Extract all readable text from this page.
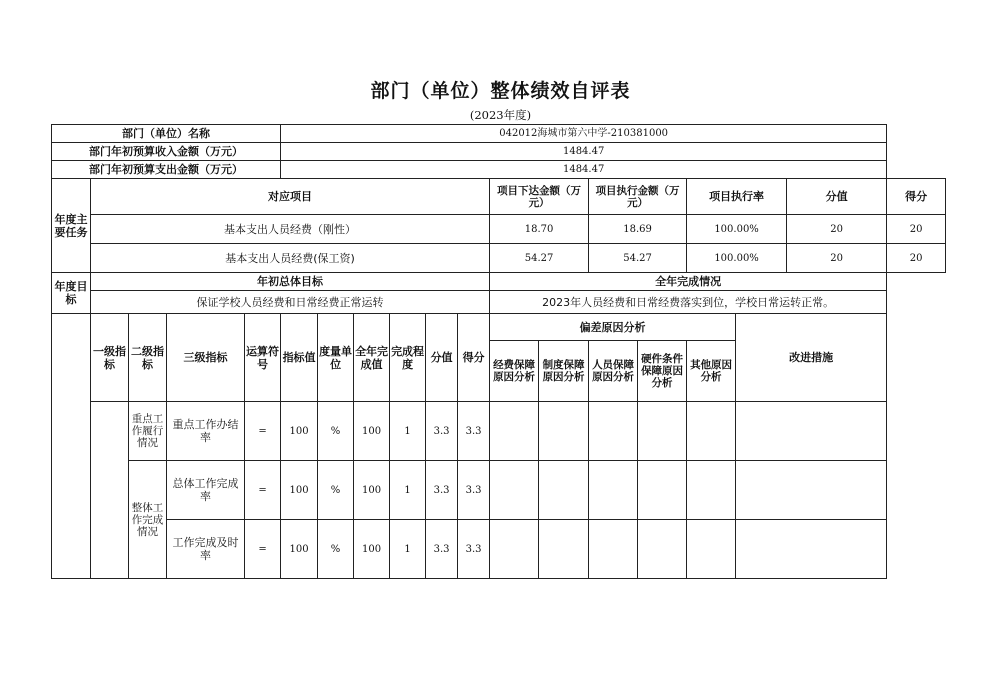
部门（单位）整体绩效自评表
(2023年度)
部门（单位）名称					042012海城市第六中学-210381000													
部门年初预算收入金额（万元）					1484.47													
部门年初预算支出金额（万元）					1484.47													
年度主要任务	对应项目										项目下达金额（万元）		项目执行金额（万元）		项目执行率		分值	得分
	基本支出人员经费（刚性）										18.70		18.69		100.00%		20	20
	基本支出人员经费(保工资)										54.27		54.27		100.00%		20	20
年度目标	年初总体目标										全年完成情况							
	保证学校人员经费和日常经费正常运转										2023年人员经费和日常经费落实到位，学校日常运转正常。							
	一级指标	二级指标	三级指标	运算符号	指标值	度量单位	全年完成值	完成程度	分值	得分	偏差原因分析					改进措施		
											经费保障原因分析	制度保障原因分析	人员保障原因分析	硬件条件保障原因分析	其他原因分析			
		重点工作履行情况	重点工作办结率	=	100	%	100	1	3.3	3.3								
		整体工作完成情况	总体工作完成率	=	100	%	100	1	3.3	3.3								
			工作完成及时率	=	100	%	100	1	3.3	3.3								
